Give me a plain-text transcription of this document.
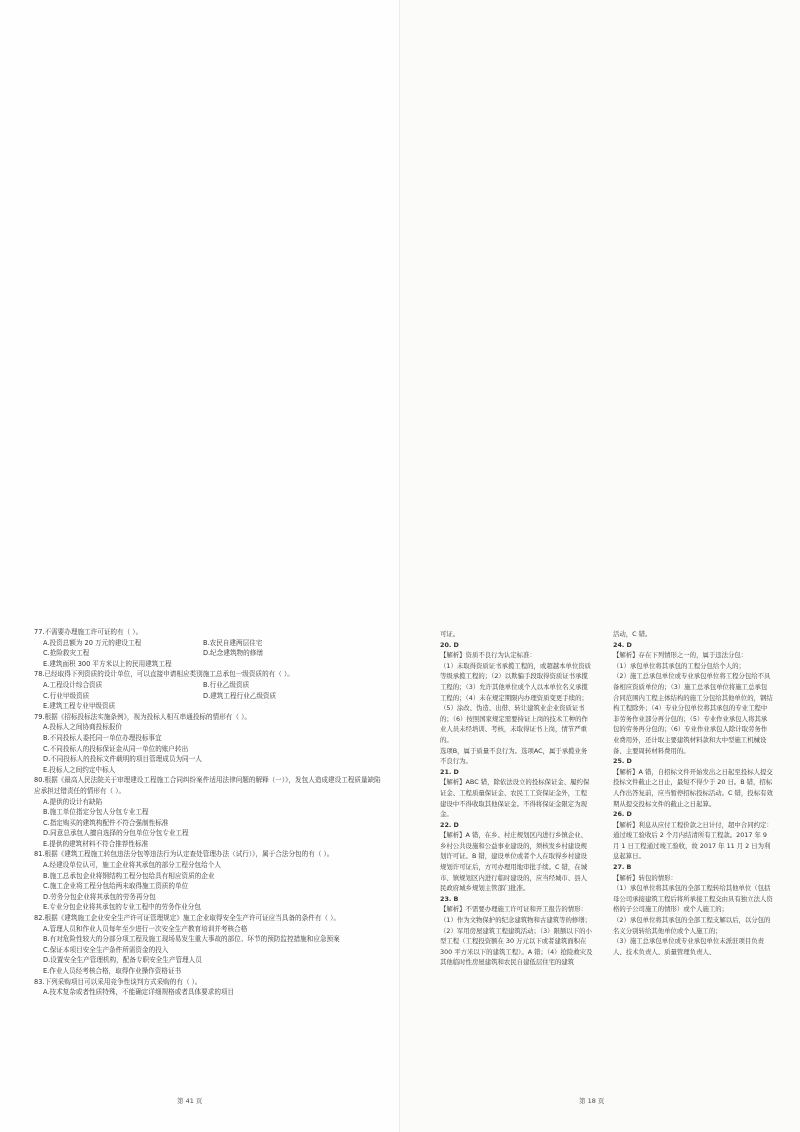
77.不需要办理施工许可证的有（ ）。
A.投资总额为 20 万元的建设工程	B.农民自建两层住宅
C.抢险救灾工程	D.纪念建筑物的修缮
E.建筑面积 300 平方米以上的民用建筑工程
78.已经取得下列资质的设计单位，可以直接申请相应类别施工总承包一级资质的有（ ）。
A.工程设计综合资质	B.行业乙级资质
C.行业甲级资质	D.建筑工程行业乙级资质
E.建筑工程专业甲级资质
79.根据《招标投标法实施条例》，视为投标人相互串通投标的情形有（ ）。
A.投标人之间协商投标报价
B.不同投标人委托同一单位办理投标事宜
C.不同投标人的投标保证金从同一单位的账户转出
D.不同投标人的投标文件载明的项目管理成员为同一人
E.投标人之间约定中标人
80.根据《最高人民法院关于审理建设工程施工合同纠纷案件适用法律问题的解释（一）》，发包人造成建设工程质量缺陷应承担过错责任的情形有（ ）。
A.提供的设计有缺陷
B.施工单位指定分包人分包专业工程
C.指定购买的建筑构配件不符合强制性标准
D.同意总承包人擅自选择的分包单位分包专业工程
E.提供的建筑材料不符合推荐性标准
81.根据《建筑工程施工转包违法分包等违法行为认定查处管理办法（试行）》，属于合法分包的有（ ）。
A.经建设单位认可，施工企业将其承包的部分工程分包给个人
B.施工总承包企业将钢结构工程分包给具有相应资质的企业
C.施工企业将工程分包给两未取得施工资质的单位
D.劳务分包企业将其承包的劳务再分包
E.专业分包企业将其承包的专业工程中的劳务作业分包
82.根据《建筑施工企业安全生产许可证管理规定》施工企业取得安全生产许可证应当具备的条件有（ ）。
A.管理人员和作业人员每年至少进行一次安全生产教育培训并考核合格
B.有对危险性较大的分部分项工程及施工现场易发生重大事故的部位、环节的预防监控措施和应急预案
C.保证本项目安全生产条件所需资金的投入
D.设置安全生产管理机构，配备专职安全生产管理人员
E.作业人员经考核合格，取得作业操作资格证书
83.下列采购项目可以采用竞争性谈判方式采购的有（ ）。
A.技术复杂或者性质特殊，不能确定详细规格或者具体要求的项目
第 41 页
可证。
20. D
【解析】资质不良行为认定标准：
（1）未取得资质证书承揽工程的，或超越本单位资质等级承揽工程的；（2）以欺骗手段取得资质证书承揽工程的；（3）允许其他单位或个人以本单位名义承揽工程的；（4）未在规定期限内办理资质变更手续的；（5）涂改、伪造、出借、转让建筑业企业资质证书的；（6）按照国家规定需要持证上岗的技术工种的作业人员未经培训、考核，未取得证书上岗，情节严重的。
选项B，属于质量不良行为。选项AC，属于承揽业务不良行为。
21. D
【解析】ABC 错，除依法设立的投标保证金、履约保证金、工程质量保证金、农民工工资保证金外，工程建设中不得收取其他保证金。不得将保证金限定为现金。
22. D
【解析】A 错，在乡、村庄规划区内进行乡镇企业、乡村公共设施和公益事业建设的，须核发乡村建设规划许可证。B 错，建设单位或者个人在取得乡村建设规划许可证后，方可办理用地审批手续。C 错，在城市、镇规划区内进行临时建设的，应当经城市、县人民政府城乡规划主管部门批准。
23. B
【解析】不需要办理施工许可证和开工报告的情形：（1）作为文物保护的纪念建筑物和古建筑等的修缮；（2）军用房屋建筑工程建筑活动；（3）限额以下的小型工程（工程投资额在 30 万元以下或者建筑面积在 300 平方米以下的建筑工程）。A 错；（4）抢险救灾及其他临时性房屋建筑和农民自建低层住宅的建筑
活动，C 错。
24. D
【解析】存在下列情形之一的，属于违法分包：
（1）承包单位将其承包的工程分包给个人的；
（2）施工总承包单位或专业承包单位将工程分包给不具备相应资质单位的；（3）施工总承包单位将施工总承包合同范围内工程主体结构的施工分包给其他单位的，钢结构工程除外；（4）专业分包单位将其承包的专业工程中非劳务作业部分再分包的；（5）专业作业承包人将其承包的劳务再分包的；（6）专业作业承包人除计取劳务作业费用外，还计取主要建筑材料款和大中型施工机械设备、主要周转材料费用的。
25. D
【解析】A 错，自招标文件开始发出之日起至投标人提交投标文件截止之日止，最短不得少于 20 日。B 错，招标人作出答复前，应当暂停招标投标活动。C 错，投标有效期从提交投标文件的截止之日起算。
26. D
【解析】利息从应付工程价款之日计付，超中合同约定：通过竣工验收后 2 个月内结清所有工程款。2017 年 9 月 1 日工程通过竣工验收，故 2017 年 11 月 2 日为利息起算日。
27. B
【解析】转包的情形：
（1）承包单位将其承包的全部工程转给其他单位（包括母公司承接建筑工程后将所承接工程交由具有独立法人资格的子公司施工的情形）或个人施工的；
（2）承包单位将其承包的全部工程支解以后，以分包的名义分别转给其他单位或个人施工的；
（3）施工总承包单位或专业承包单位未派驻项目负责人、技术负责人、质量管理负责人、
第 18 页
